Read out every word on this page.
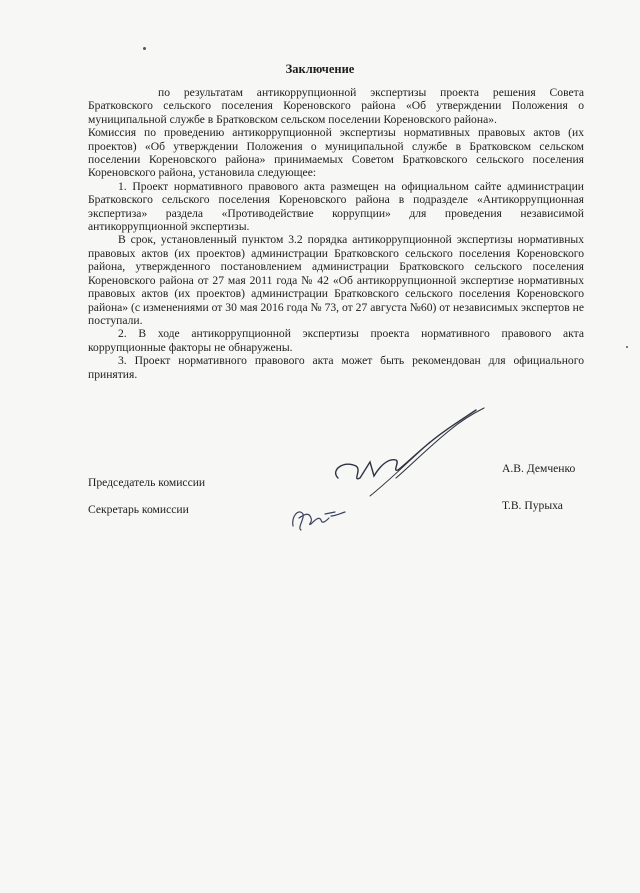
Заключение

по результатам антикоррупционной экспертизы проекта решения Совета Братковского сельского поселения Кореновского района «Об утверждении Положения о муниципальной службе в Братковском сельском поселении Кореновского района».

Комиссия по проведению антикоррупционной экспертизы нормативных правовых актов (их проектов) «Об утверждении Положения о муниципальной службе в Братковском сельском поселении Кореновского района» принимаемых Советом Братковского сельского поселения Кореновского района, установила следующее:

1. Проект нормативного правового акта размещен на официальном сайте администрации Братковского сельского поселения Кореновского района в подразделе «Антикоррупционная экспертиза» раздела «Противодействие коррупции» для проведения независимой антикоррупционной экспертизы.

В срок, установленный пунктом 3.2 порядка антикоррупционной экспертизы нормативных правовых актов (их проектов) администрации Братковского сельского поселения Кореновского района, утвержденного постановлением администрации Братковского сельского поселения Кореновского района от 27 мая 2011 года № 42 «Об антикоррупционной экспертизе нормативных правовых актов (их проектов) администрации Братковского сельского поселения Кореновского района» (с изменениями от 30 мая 2016 года № 73, от 27 августа №60) от независимых экспертов не поступали.

2. В ходе антикоррупционной экспертизы проекта нормативного правового акта коррупционные факторы не обнаружены.

3. Проект нормативного правового акта может быть рекомендован для официального принятия.

Председатель комиссии
А.В. Демченко
Секретарь комиссии	Т.В. Пурыха
